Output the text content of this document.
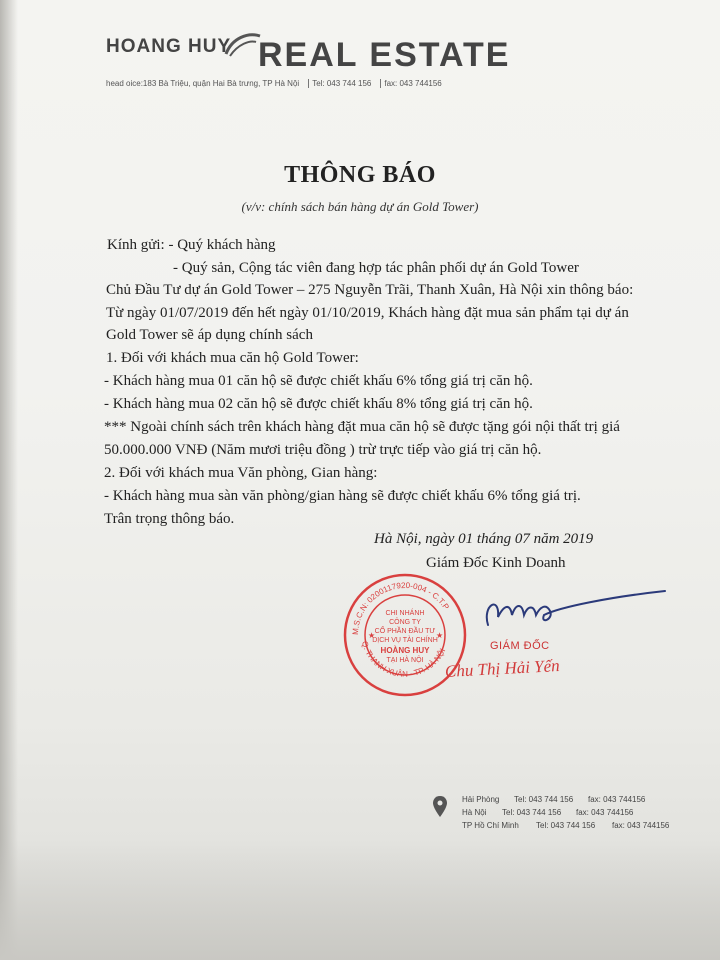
HOANG HUY REAL ESTATE
head oice:183 Bà Triệu, quận Hai Bà trưng, TP Hà Nội Tel: 043 744 156 fax: 043 744156
THÔNG BÁO
(v/v: chính sách bán hàng dự án Gold Tower)
Kính gửi: - Quý khách hàng
- Quý sản, Cộng tác viên đang hợp tác phân phối dự án Gold Tower
Chủ Đầu Tư dự án Gold Tower – 275 Nguyễn Trãi, Thanh Xuân, Hà Nội xin thông báo:
Từ ngày 01/07/2019 đến hết ngày 01/10/2019, Khách hàng đặt mua sản phẩm tại dự án
Gold Tower sẽ áp dụng chính sách
1. Đối với khách mua căn hộ Gold Tower:
- Khách hàng mua 01 căn hộ sẽ được chiết khấu 6% tổng giá trị căn hộ.
- Khách hàng mua 02 căn hộ sẽ được chiết khấu 8% tổng giá trị căn hộ.
*** Ngoài chính sách trên khách hàng đặt mua căn hộ sẽ được tặng gói nội thất trị giá
50.000.000 VNĐ (Năm mươi triệu đồng ) trừ trực tiếp vào giá trị căn hộ.
2. Đối với khách mua Văn phòng, Gian hàng:
- Khách hàng mua sàn văn phòng/gian hàng sẽ được chiết khấu 6% tổng giá trị.
Trân trọng thông báo.
Hà Nội, ngày 01 tháng 07 năm 2019
Giám Đốc Kinh Doanh
M.S.C.N: 0200117920-004 - C.T.P
Q. THANH XUÂN - TP. HÀ NỘI
CHI NHÁNH
CÔNG TY
CỔ PHẦN ĐẦU TƯ
DỊCH VỤ TÀI CHÍNH
HOÀNG HUY
TẠI HÀ NỘI
★	★
GIÁM ĐỐC
Chu Thị Hải Yến
Hải Phòng Tel: 043 744 156 fax: 043 744156
Hà Nội Tel: 043 744 156 fax: 043 744156
TP Hồ Chí Minh Tel: 043 744 156 fax: 043 744156
